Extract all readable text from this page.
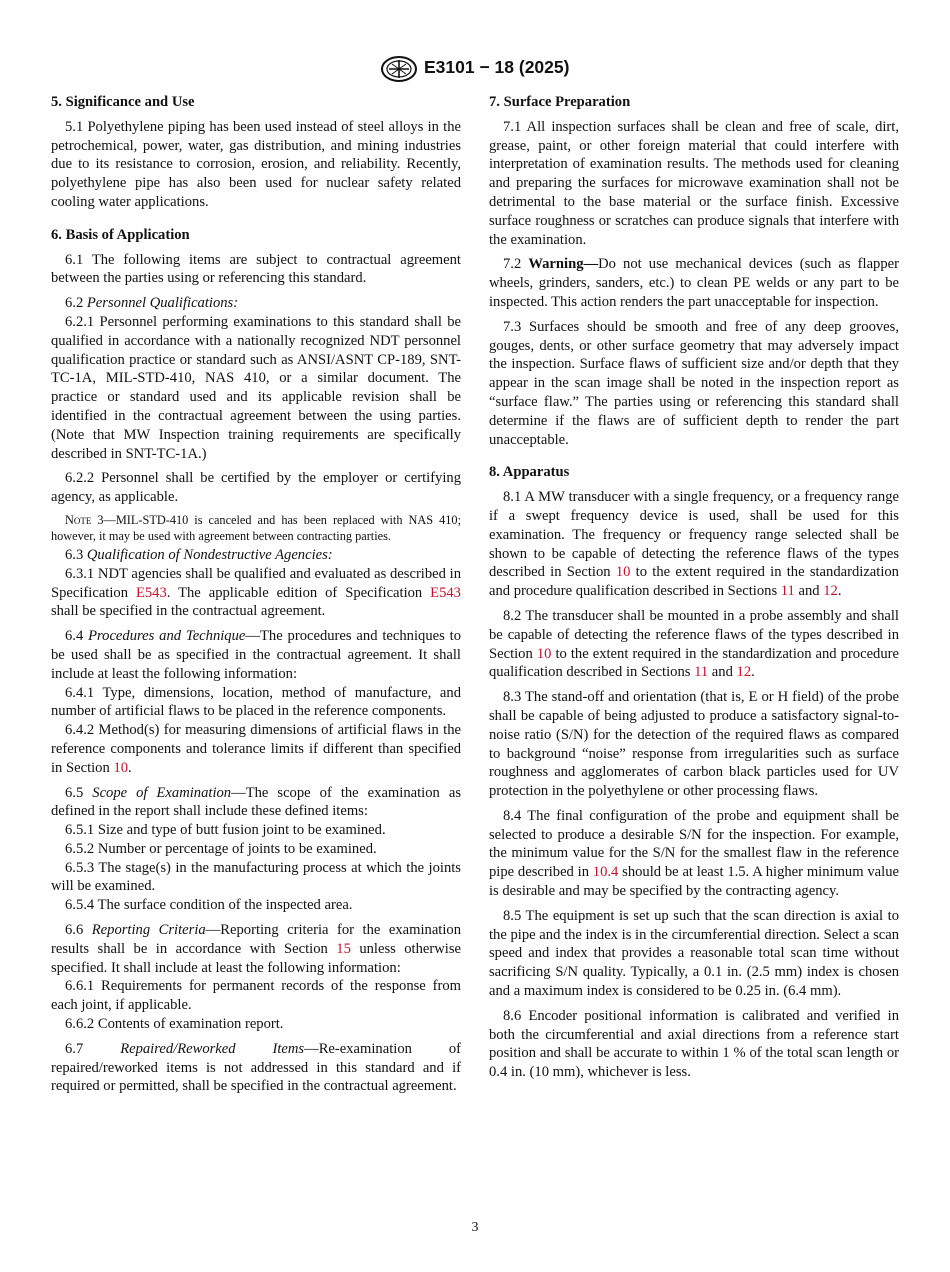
E3101 − 18 (2025)
5. Significance and Use

5.1 Polyethylene piping has been used instead of steel alloys in the petrochemical, power, water, gas distribution, and mining industries due to its resistance to corrosion, erosion, and reliability. Recently, polyethylene pipe has also been used for nuclear safety related cooling water applications.

6. Basis of Application

6.1 The following items are subject to contractual agreement between the parties using or referencing this standard.

6.2 Personnel Qualifications:

6.2.1 Personnel performing examinations to this standard shall be qualified in accordance with a nationally recognized NDT personnel qualification practice or standard such as ANSI/ASNT CP-189, SNT-TC-1A, MIL-STD-410, NAS 410, or a similar document. The practice or standard used and its applicable revision shall be identified in the contractual agreement between the using parties. (Note that MW Inspection training requirements are specifically described in SNT-TC-1A.)

6.2.2 Personnel shall be certified by the employer or certifying agency, as applicable.

Note 3—MIL-STD-410 is canceled and has been replaced with NAS 410; however, it may be used with agreement between contracting parties.

6.3 Qualification of Nondestructive Agencies:

6.3.1 NDT agencies shall be qualified and evaluated as described in Specification E543. The applicable edition of Specification E543 shall be specified in the contractual agreement.

6.4 Procedures and Technique—The procedures and techniques to be used shall be as specified in the contractual agreement. It shall include at least the following information:

6.4.1 Type, dimensions, location, method of manufacture, and number of artificial flaws to be placed in the reference components.

6.4.2 Method(s) for measuring dimensions of artificial flaws in the reference components and tolerance limits if different than specified in Section 10.

6.5 Scope of Examination—The scope of the examination as defined in the report shall include these defined items:

6.5.1 Size and type of butt fusion joint to be examined.

6.5.2 Number or percentage of joints to be examined.

6.5.3 The stage(s) in the manufacturing process at which the joints will be examined.

6.5.4 The surface condition of the inspected area.

6.6 Reporting Criteria—Reporting criteria for the examination results shall be in accordance with Section 15 unless otherwise specified. It shall include at least the following information:

6.6.1 Requirements for permanent records of the response from each joint, if applicable.

6.6.2 Contents of examination report.

6.7 Repaired/Reworked Items—Re-examination of repaired/reworked items is not addressed in this standard and if required or permitted, shall be specified in the contractual agreement.

7. Surface Preparation

7.1 All inspection surfaces shall be clean and free of scale, dirt, grease, paint, or other foreign material that could interfere with interpretation of examination results. The methods used for cleaning and preparing the surfaces for microwave examination shall not be detrimental to the base material or the surface finish. Excessive surface roughness or scratches can produce signals that interfere with the examination.

7.2 Warning—Do not use mechanical devices (such as flapper wheels, grinders, sanders, etc.) to clean PE welds or any part to be inspected. This action renders the part unacceptable for inspection.

7.3 Surfaces should be smooth and free of any deep grooves, gouges, dents, or other surface geometry that may adversely impact the inspection. Surface flaws of sufficient size and/or depth that they appear in the scan image shall be noted in the inspection report as “surface flaw.” The parties using or referencing this standard shall determine if the flaws are of sufficient depth to render the part unacceptable.

8. Apparatus

8.1 A MW transducer with a single frequency, or a frequency range if a swept frequency device is used, shall be used for this examination. The frequency or frequency range selected shall be shown to be capable of detecting the reference flaws of the types described in Section 10 to the extent required in the standardization and procedure qualification described in Sections 11 and 12.

8.2 The transducer shall be mounted in a probe assembly and shall be capable of detecting the reference flaws of the types described in Section 10 to the extent required in the standardization and procedure qualification described in Sections 11 and 12.

8.3 The stand-off and orientation (that is, E or H field) of the probe shall be capable of being adjusted to produce a satisfactory signal-to-noise ratio (S/N) for the detection of the required flaws as compared to background “noise” response from irregularities such as surface roughness and agglomerates of carbon black particles used for UV protection in the polyethylene or other processing flaws.

8.4 The final configuration of the probe and equipment shall be selected to produce a desirable S/N for the inspection. For example, the minimum value for the S/N for the smallest flaw in the reference pipe described in 10.4 should be at least 1.5. A higher minimum value is desirable and may be specified by the contracting agency.

8.5 The equipment is set up such that the scan direction is axial to the pipe and the index is in the circumferential direction. Select a scan speed and index that provides a reasonable total scan time without sacrificing S/N quality. Typically, a 0.1 in. (2.5 mm) index is chosen and a maximum index is considered to be 0.25 in. (6.4 mm).

8.6 Encoder positional information is calibrated and verified in both the circumferential and axial directions from a reference start position and shall be accurate to within 1 % of the total scan length or 0.4 in. (10 mm), whichever is less.

3
